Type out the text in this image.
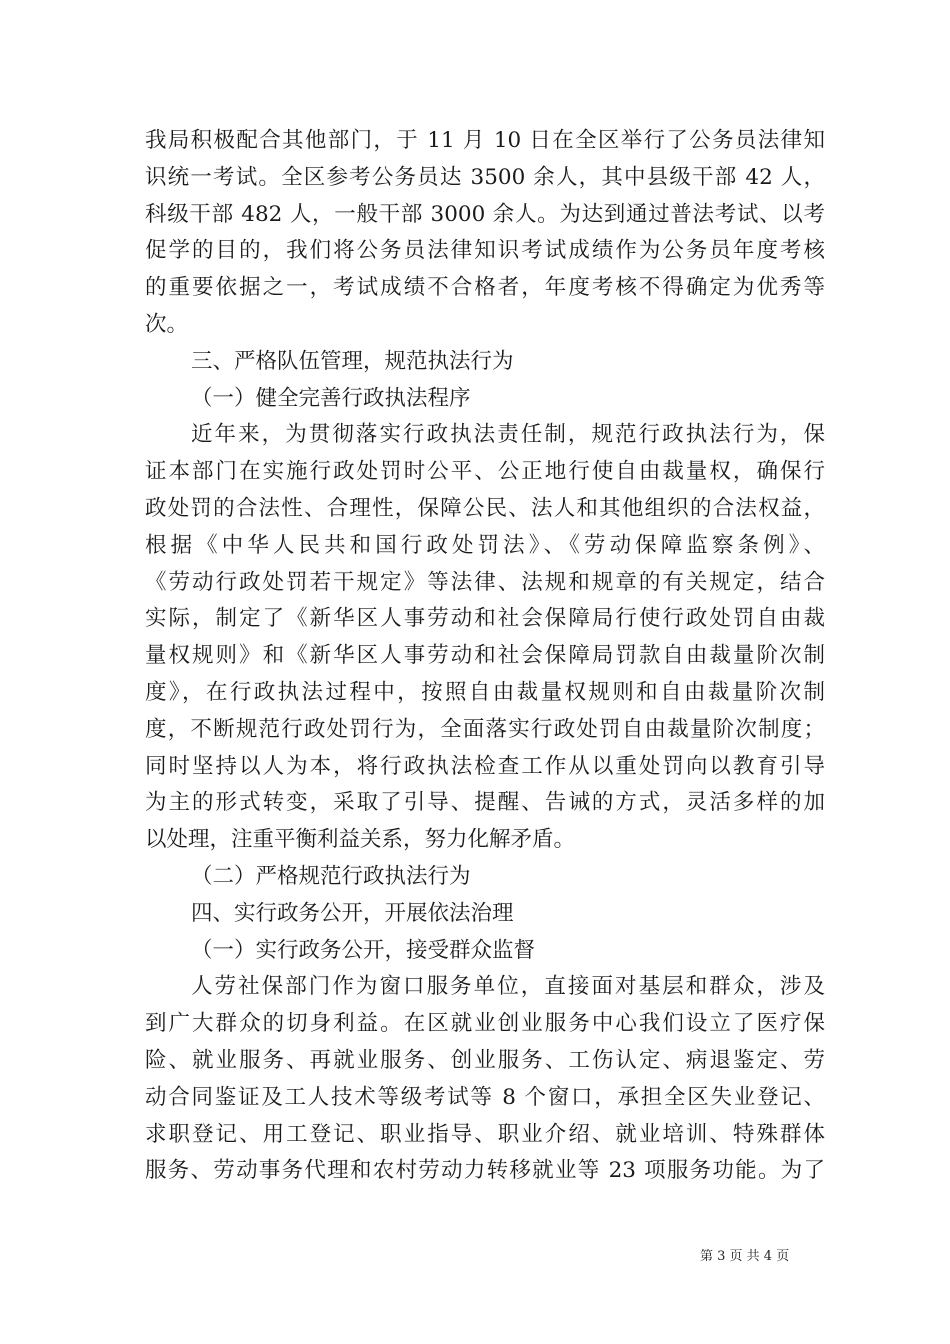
我局积极配合其他部门，于 11 月 10 日在全区举行了公务员法律知
识统一考试。全区参考公务员达 3500 余人，其中县级干部 42 人，
科级干部 482 人，一般干部 3000 余人。为达到通过普法考试、以考
促学的目的，我们将公务员法律知识考试成绩作为公务员年度考核
的重要依据之一，考试成绩不合格者，年度考核不得确定为优秀等
次。
三、严格队伍管理，规范执法行为
（一）健全完善行政执法程序
近年来，为贯彻落实行政执法责任制，规范行政执法行为，保
证本部门在实施行政处罚时公平、公正地行使自由裁量权，确保行
政处罚的合法性、合理性，保障公民、法人和其他组织的合法权益，
根据《中华人民共和国行政处罚法》、《劳动保障监察条例》、
《劳动行政处罚若干规定》等法律、法规和规章的有关规定，结合
实际，制定了《新华区人事劳动和社会保障局行使行政处罚自由裁
量权规则》和《新华区人事劳动和社会保障局罚款自由裁量阶次制
度》，在行政执法过程中，按照自由裁量权规则和自由裁量阶次制
度，不断规范行政处罚行为，全面落实行政处罚自由裁量阶次制度；
同时坚持以人为本，将行政执法检查工作从以重处罚向以教育引导
为主的形式转变，采取了引导、提醒、告诫的方式，灵活多样的加
以处理，注重平衡利益关系，努力化解矛盾。
（二）严格规范行政执法行为
四、实行政务公开，开展依法治理
（一）实行政务公开，接受群众监督
人劳社保部门作为窗口服务单位，直接面对基层和群众，涉及
到广大群众的切身利益。在区就业创业服务中心我们设立了医疗保
险、就业服务、再就业服务、创业服务、工伤认定、病退鉴定、劳
动合同鉴证及工人技术等级考试等 8 个窗口，承担全区失业登记、
求职登记、用工登记、职业指导、职业介绍、就业培训、特殊群体
服务、劳动事务代理和农村劳动力转移就业等 23 项服务功能。为了
第 3 页 共 4 页
